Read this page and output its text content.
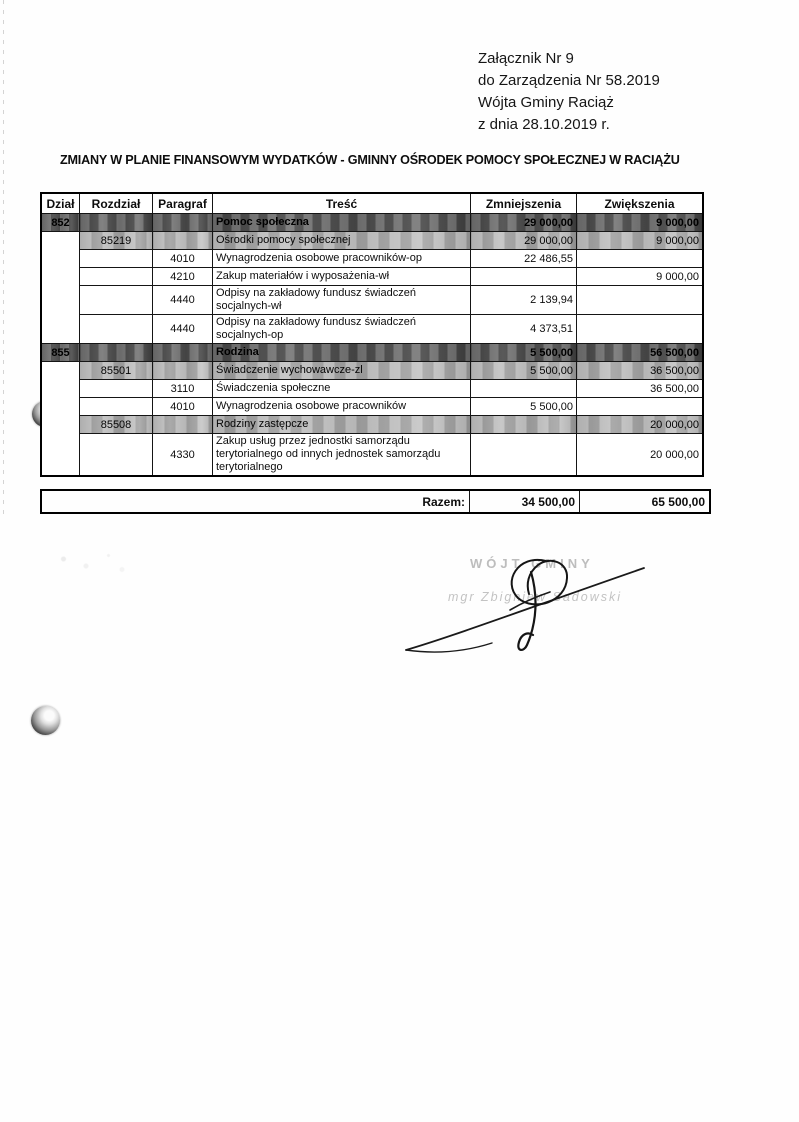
Załącznik Nr 9
do Zarządzenia Nr 58.2019
Wójta Gminy Raciąż
z dnia 28.10.2019 r.
ZMIANY W PLANIE FINANSOWYM WYDATKÓW - GMINNY OŚRODEK POMOCY SPOŁECZNEJ W RACIĄŻU
Dział	Rozdział	Paragraf	Treść	Zmniejszenia	Zwiększenia
852			Pomoc społeczna	29 000,00	9 000,00
	85219		Ośrodki pomocy społecznej	29 000,00	9 000,00
		4010	Wynagrodzenia osobowe pracowników-op	22 486,55	
		4210	Zakup materiałów i wyposażenia-wł		9 000,00
		4440	Odpisy na zakładowy fundusz świadczeń socjalnych-wł	2 139,94	
		4440	Odpisy na zakładowy fundusz świadczeń socjalnych-op	4 373,51	
855			Rodzina	5 500,00	56 500,00
	85501		Świadczenie wychowawcze-zl	5 500,00	36 500,00
		3110	Świadczenia społeczne		36 500,00
		4010	Wynagrodzenia osobowe pracowników	5 500,00	
	85508		Rodziny zastępcze		20 000,00
		4330	Zakup usług przez jednostki samorządu terytorialnego od innych jednostek samorządu terytorialnego		20 000,00
Razem:	34 500,00	65 500,00
WÓJT GMINY
mgr Zbigniew Sadowski
